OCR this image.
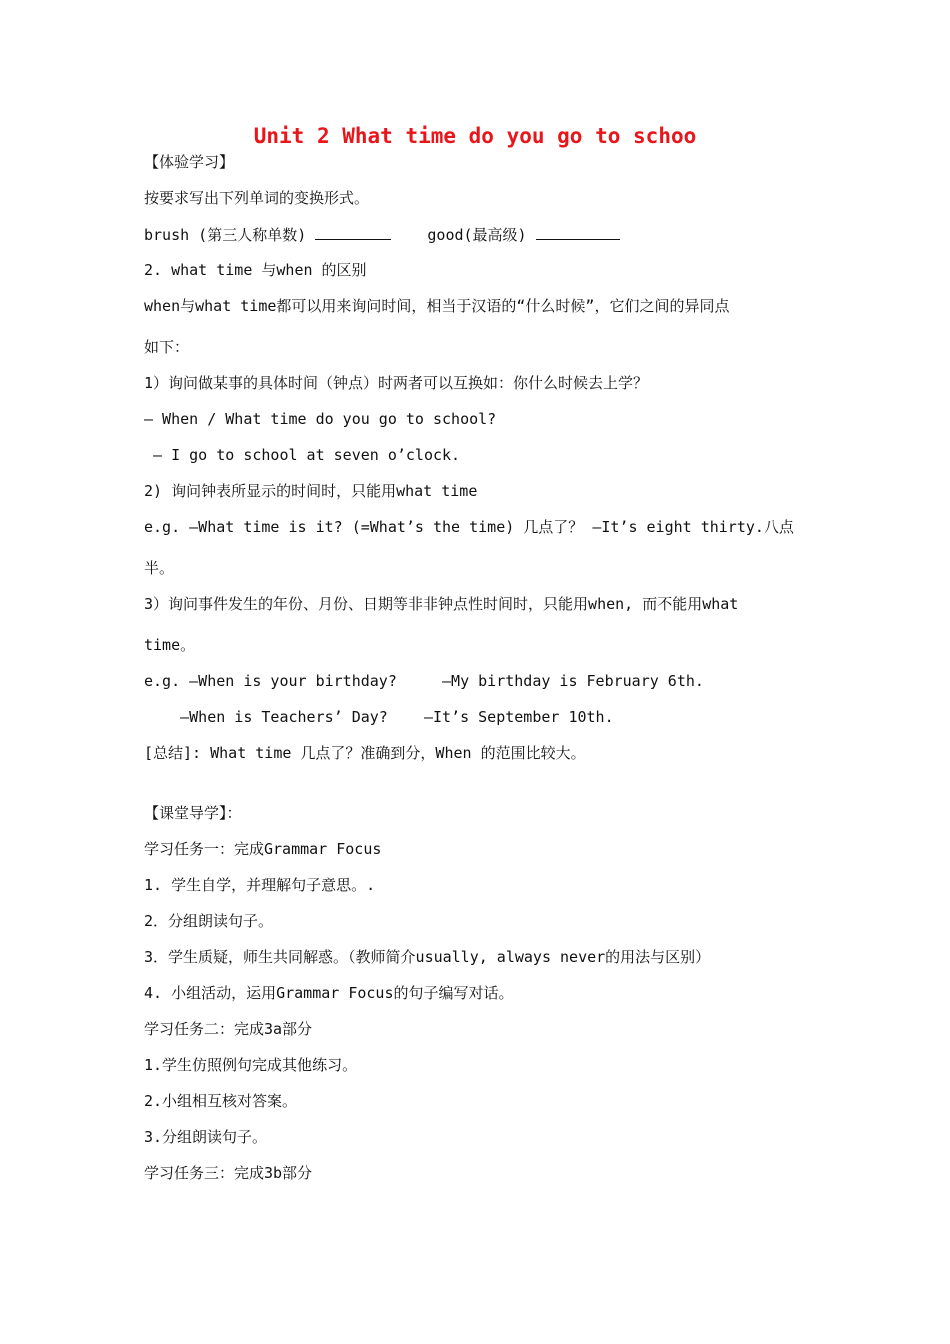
Unit 2 What time do you go to schoo
【体验学习】
按要求写出下列单词的变换形式。
brush (第三人称单数)	good(最高级)
2. what time 与when 的区别
when与what time都可以用来询问时间，相当于汉语的“什么时候”，它们之间的异同点
如下：
1）询问做某事的具体时间（钟点）时两者可以互换如：你什么时候去上学？
— When / What time do you go to school?
— I go to school at seven o’clock.
2) 询问钟表所显示的时间时，只能用what time
e.g. —What time is it? (=What’s the time) 几点了？ —It’s eight thirty.八点
半。
3）询问事件发生的年份、月份、日期等非非钟点性时间时，只能用when, 而不能用what
time。
e.g. —When is your birthday?     —My birthday is February 6th.
—When is Teachers’ Day?    —It’s September 10th.
[总结]: What time 几点了？准确到分，When 的范围比较大。
【课堂导学】：
学习任务一：完成Grammar Focus
1. 学生自学，并理解句子意思。.
2．分组朗读句子。
3．学生质疑，师生共同解惑。（教师简介usually, always never的用法与区别）
4. 小组活动，运用Grammar Focus的句子编写对话。
学习任务二：完成3a部分
1.学生仿照例句完成其他练习。
2.小组相互核对答案。
3.分组朗读句子。
学习任务三：完成3b部分
